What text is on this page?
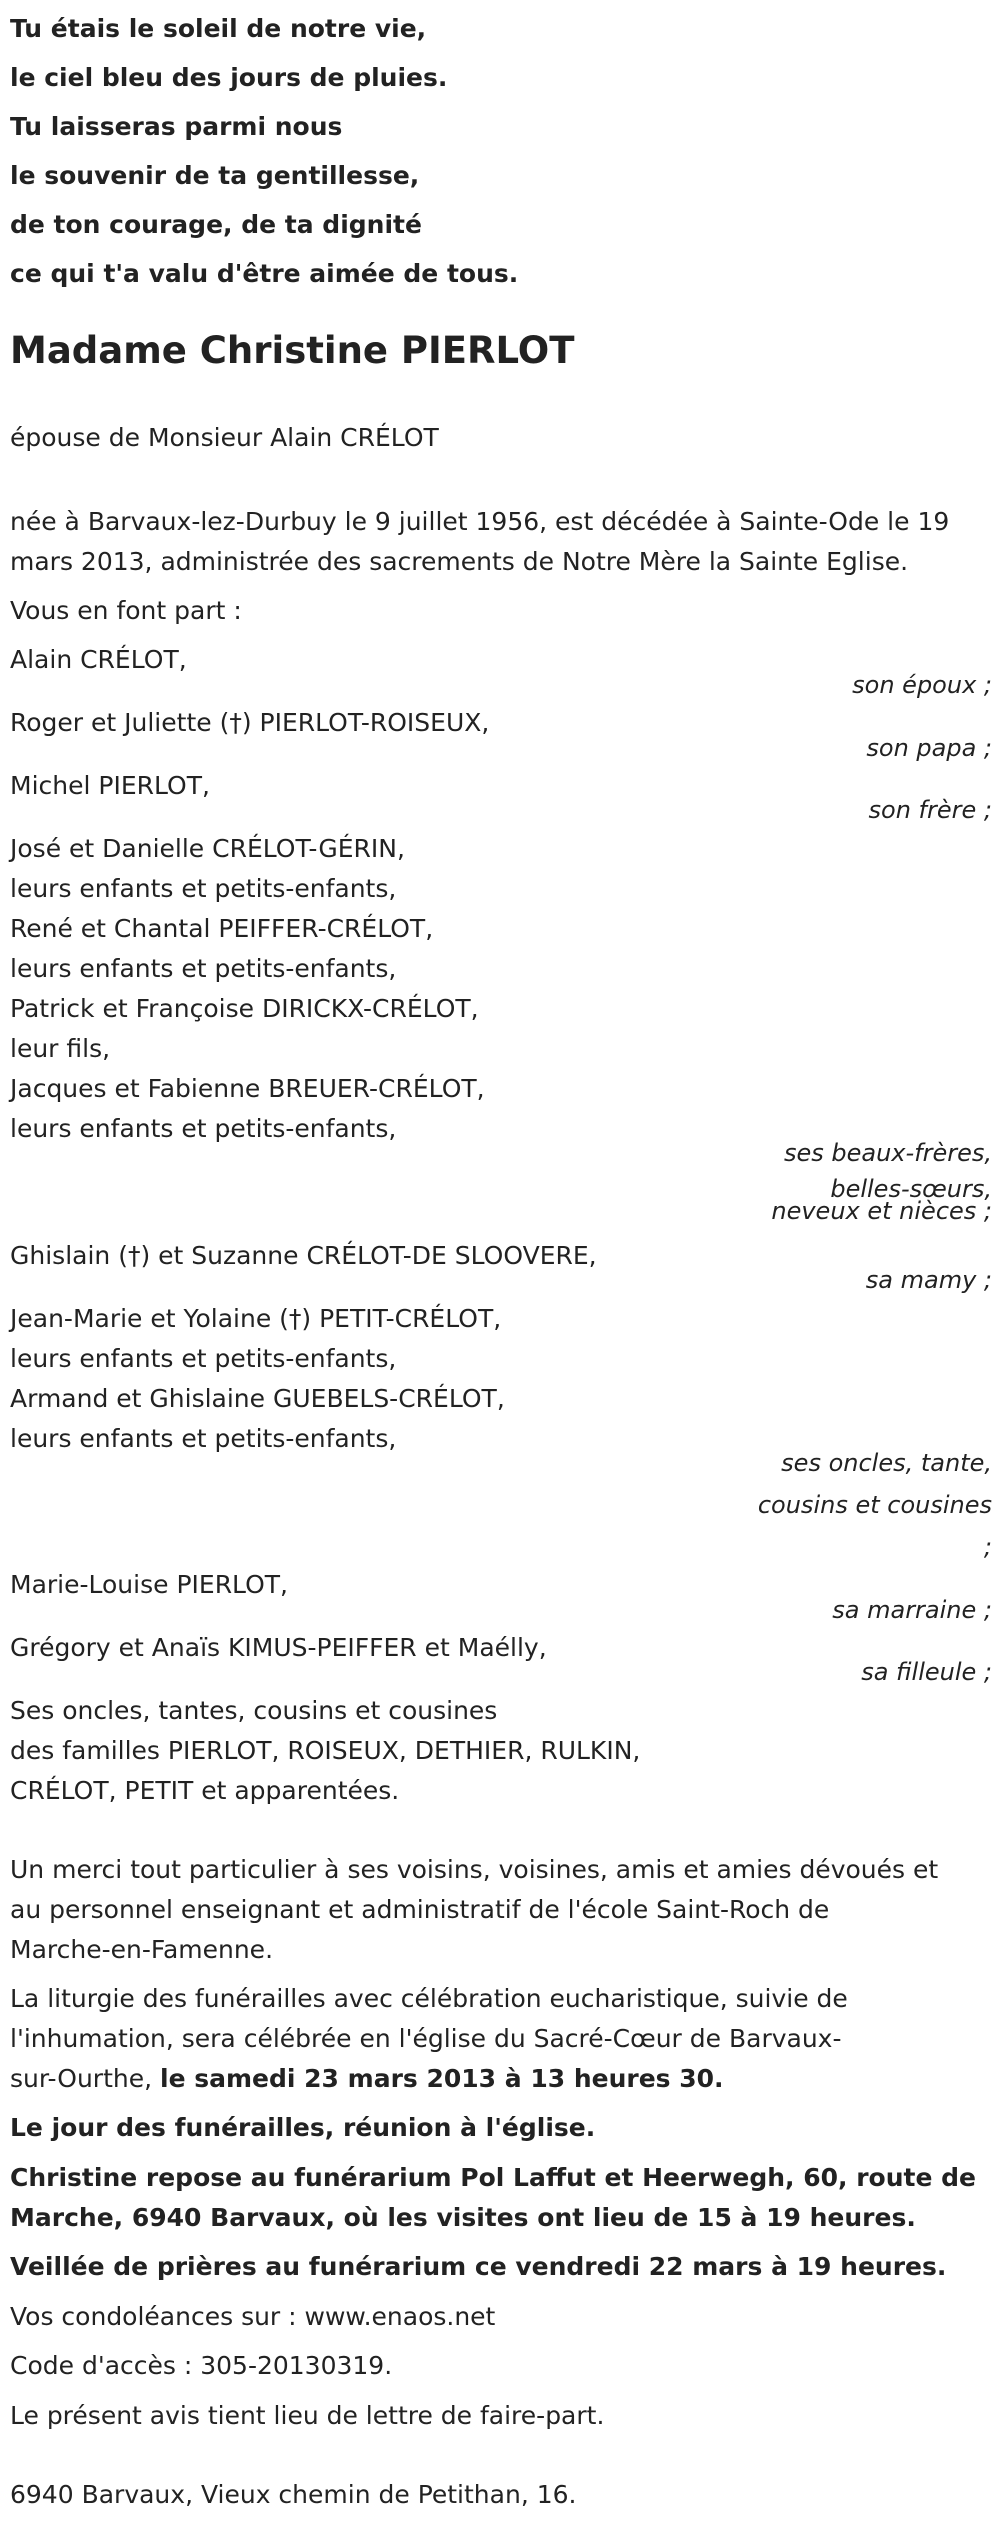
Tu étais le soleil de notre vie,
le ciel bleu des jours de pluies.
Tu laisseras parmi nous
le souvenir de ta gentillesse,
de ton courage, de ta dignité
ce qui t'a valu d'être aimée de tous.
Madame Christine PIERLOT
épouse de Monsieur Alain CRÉLOT
née à Barvaux-lez-Durbuy le 9 juillet 1956, est décédée à Sainte-Ode le 19
mars 2013, administrée des sacrements de Notre Mère la Sainte Eglise.
Vous en font part :
Alain CRÉLOT,
son époux ;
Roger et Juliette (†) PIERLOT-ROISEUX,
son papa ;
Michel PIERLOT,
son frère ;
José et Danielle CRÉLOT-GÉRIN,
leurs enfants et petits-enfants,
René et Chantal PEIFFER-CRÉLOT,
leurs enfants et petits-enfants,
Patrick et Françoise DIRICKX-CRÉLOT,
leur fils,
Jacques et Fabienne BREUER-CRÉLOT,
leurs enfants et petits-enfants,
ses beaux-frères,
belles-sœurs,
neveux et nièces ;
Ghislain (†) et Suzanne CRÉLOT-DE SLOOVERE,
sa mamy ;
Jean-Marie et Yolaine (†) PETIT-CRÉLOT,
leurs enfants et petits-enfants,
Armand et Ghislaine GUEBELS-CRÉLOT,
leurs enfants et petits-enfants,
ses oncles, tante,
cousins et cousines
;
Marie-Louise PIERLOT,
sa marraine ;
Grégory et Anaïs KIMUS-PEIFFER et Maélly,
sa filleule ;
Ses oncles, tantes, cousins et cousines
des familles PIERLOT, ROISEUX, DETHIER, RULKIN,
CRÉLOT, PETIT et apparentées.
Un merci tout particulier à ses voisins, voisines, amis et amies dévoués et
au personnel enseignant et administratif de l'école Saint-Roch de
Marche-en-Famenne.
La liturgie des funérailles avec célébration eucharistique, suivie de
l'inhumation, sera célébrée en l'église du Sacré-Cœur de Barvaux-
sur-Ourthe, le samedi 23 mars 2013 à 13 heures 30.
Le jour des funérailles, réunion à l'église.
Christine repose au funérarium Pol Laffut et Heerwegh, 60, route de
Marche, 6940 Barvaux, où les visites ont lieu de 15 à 19 heures.
Veillée de prières au funérarium ce vendredi 22 mars à 19 heures.
Vos condoléances sur : www.enaos.net
Code d'accès : 305-20130319.
Le présent avis tient lieu de lettre de faire-part.
6940 Barvaux, Vieux chemin de Petithan, 16.
